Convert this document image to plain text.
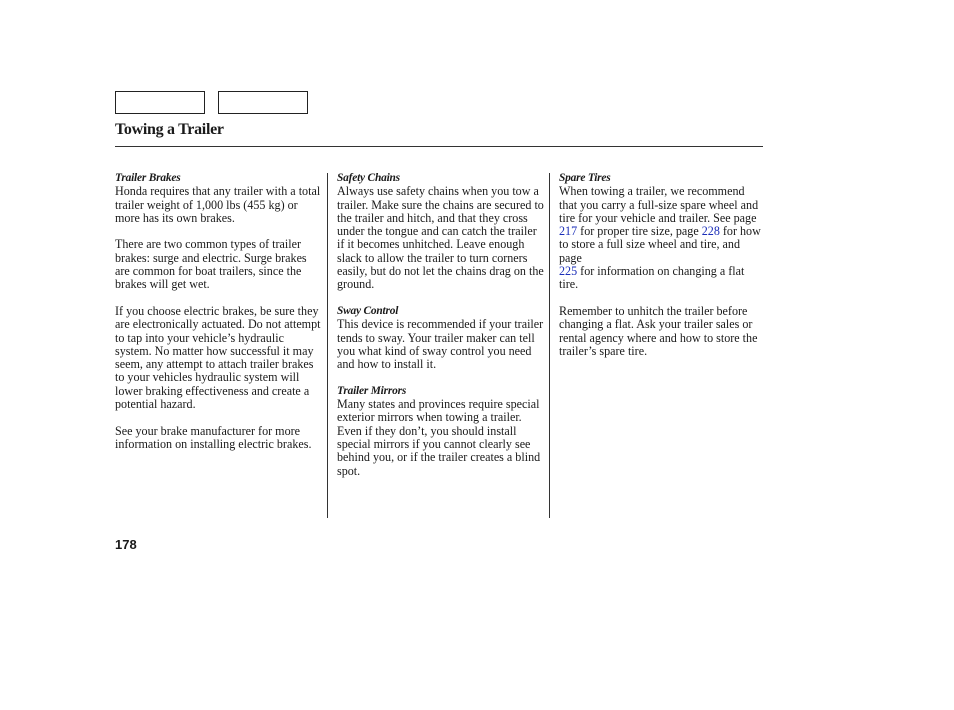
Towing a Trailer
Trailer Brakes

Honda requires that any trailer with a total trailer weight of 1,000 lbs (455 kg) or more has its own brakes.

There are two common types of trailer brakes: surge and electric. Surge brakes are common for boat trailers, since the brakes will get wet.

If you choose electric brakes, be sure they are electronically actuated. Do not attempt to tap into your vehicle’s hydraulic system. No matter how successful it may seem, any attempt to attach trailer brakes to your vehicles hydraulic system will lower braking effectiveness and create a potential hazard.

See your brake manufacturer for more information on installing electric brakes.

Safety Chains

Always use safety chains when you tow a trailer. Make sure the chains are secured to the trailer and hitch, and that they cross under the tongue and can catch the trailer if it becomes unhitched. Leave enough slack to allow the trailer to turn corners easily, but do not let the chains drag on the ground.

Sway Control

This device is recommended if your trailer tends to sway. Your trailer maker can tell you what kind of sway control you need and how to install it.

Trailer Mirrors

Many states and provinces require special exterior mirrors when towing a trailer. Even if they don’t, you should install special mirrors if you cannot clearly see behind you, or if the trailer creates a blind spot.

Spare Tires

When towing a trailer, we recommend that you carry a full-size spare wheel and tire for your vehicle and trailer. See page 217 for proper tire size, page 228 for how to store a full size wheel and tire, and page
225 for information on changing a flat tire.

Remember to unhitch the trailer before changing a flat. Ask your trailer sales or rental agency where and how to store the trailer’s spare tire.

178
